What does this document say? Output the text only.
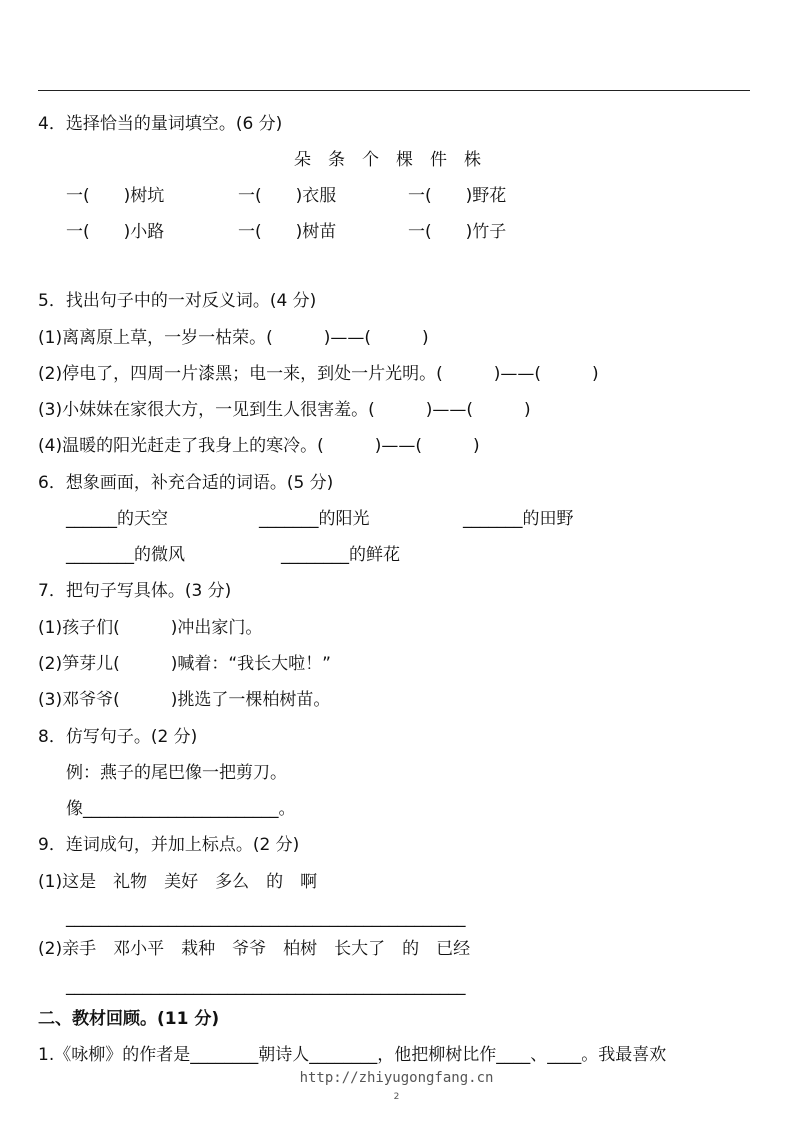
4．选择恰当的量词填空。(6 分)
朵　条　个　棵　件　株
一(　　)树坑	一(　　)衣服	一(　　)野花
一(　　)小路	一(　　)树苗	一(　　)竹子
5．找出句子中的一对反义词。(4 分)
(1)离离原上草，一岁一枯荣。(　　　)——(　　　)
(2)停电了，四周一片漆黑；电一来，到处一片光明。(　　　)——(　　　)
(3)小妹妹在家很大方，一见到生人很害羞。(　　　)——(　　　)
(4)温暖的阳光赶走了我身上的寒冷。(　　　)——(　　　)
6．想象画面，补充合适的词语。(5 分)
______的天空	_______的阳光	_______的田野
________的微风	________的鲜花
7．把句子写具体。(3 分)
(1)孩子们(　　　)冲出家门。
(2)笋芽儿(　　　)喊着：“我长大啦！”
(3)邓爷爷(　　　)挑选了一棵柏树苗。
8．仿写句子。(2 分)
例：燕子的尾巴像一把剪刀。
像_______________________。
9．连词成句，并加上标点。(2 分)
(1)这是　礼物　美好　多么　的　啊
_______________________________________________
(2)亲手　邓小平　栽种　爷爷　柏树　长大了　的　已经
_______________________________________________
二、教材回顾。(11 分)
1.《咏柳》的作者是________朝诗人________，他把柳树比作____、____。我最喜欢
http://zhiyugongfang.cn
2
